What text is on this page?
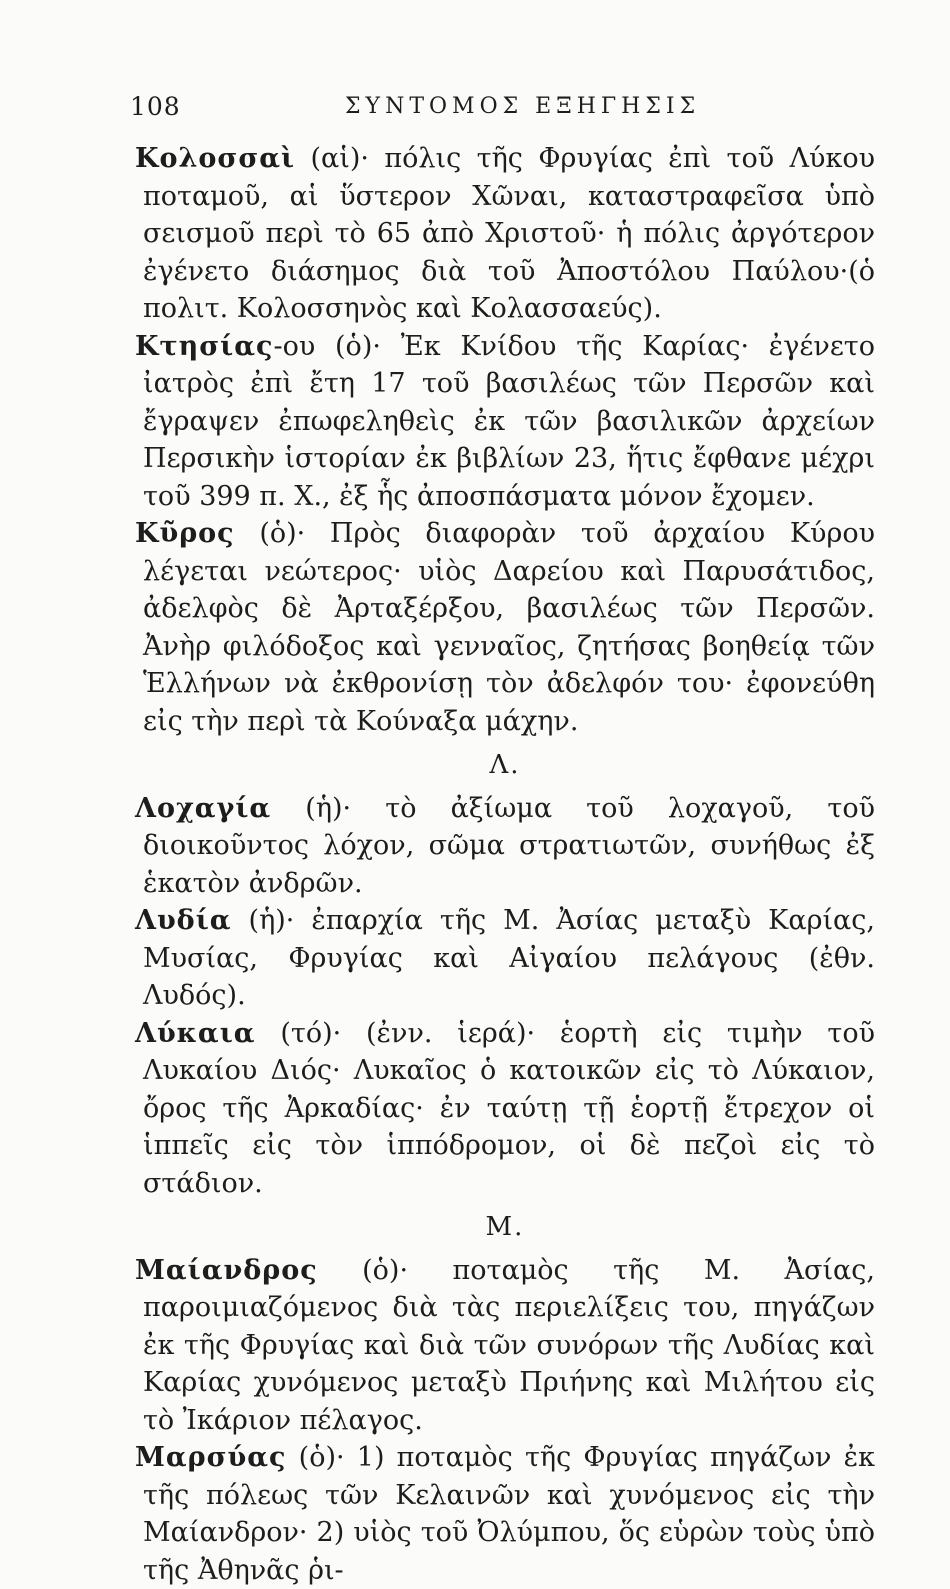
108	ΣΥΝΤΟΜΟΣ ΕΞΗΓΗΣΙΣ

Κολοσσαὶ (αἱ)· πόλις τῆς Φρυγίας ἐπὶ τοῦ Λύκου ποταμοῦ, αἱ ὕστερον Χῶναι, καταστραφεῖσα ὑπὸ σεισμοῦ περὶ τὸ 65 ἀπὸ Χριστοῦ· ἡ πόλις ἀργότερον ἐγένετο διάσημος διὰ τοῦ Ἀποστόλου Παύλου·(ὁ πολιτ. Κολοσσηνὸς καὶ Κολασσαεύς).

Κτησίας-ου (ὁ)· Ἐκ Κνίδου τῆς Καρίας· ἐγένετο ἰατρὸς ἐπὶ ἔτη 17 τοῦ βασιλέως τῶν Περσῶν καὶ ἔγραψεν ἐπωφεληθεὶς ἐκ τῶν βασιλικῶν ἀρχείων Περσικὴν ἱστορίαν ἐκ βιβλίων 23, ἥτις ἔφθανε μέχρι τοῦ 399 π. Χ., ἐξ ἧς ἀποσπάσματα μόνον ἔχομεν.

Κῦρος (ὁ)· Πρὸς διαφορὰν τοῦ ἀρχαίου Κύρου λέγεται νεώτερος· υἱὸς Δαρείου καὶ Παρυσάτιδος, ἀδελφὸς δὲ Ἀρταξέρξου, βασιλέως τῶν Περσῶν. Ἀνὴρ φιλόδοξος καὶ γενναῖος, ζητήσας βοηθείᾳ τῶν Ἑλλήνων νὰ ἐκθρονίσῃ τὸν ἀδελφόν του· ἐφονεύθη εἰς τὴν περὶ τὰ Κούναξα μάχην.

Λ.

Λοχαγία (ἡ)· τὸ ἀξίωμα τοῦ λοχαγοῦ, τοῦ διοικοῦντος λόχον, σῶμα στρατιωτῶν, συνήθως ἐξ ἑκατὸν ἀνδρῶν.

Λυδία (ἡ)· ἐπαρχία τῆς Μ. Ἀσίας μεταξὺ Καρίας, Μυσίας, Φρυγίας καὶ Αἰγαίου πελάγους (ἐθν. Λυδός).

Λύκαια (τό)· (ἐνν. ἱερά)· ἑορτὴ εἰς τιμὴν τοῦ Λυκαίου Διός· Λυκαῖος ὁ κατοικῶν εἰς τὸ Λύκαιον, ὄρος τῆς Ἀρκαδίας· ἐν ταύτῃ τῇ ἑορτῇ ἔτρεχον οἱ ἱππεῖς εἰς τὸν ἱππόδρομον, οἱ δὲ πεζοὶ εἰς τὸ στάδιον.

Μ.

Μαίανδρος (ὁ)· ποταμὸς τῆς Μ. Ἀσίας, παροιμιαζόμενος διὰ τὰς περιελίξεις του, πηγάζων ἐκ τῆς Φρυγίας καὶ διὰ τῶν συνόρων τῆς Λυδίας καὶ Καρίας χυνόμενος μεταξὺ Πριήνης καὶ Μιλήτου εἰς τὸ Ἰκάριον πέλαγος.

Μαρσύας (ὁ)· 1) ποταμὸς τῆς Φρυγίας πηγάζων ἐκ τῆς πόλεως τῶν Κελαινῶν καὶ χυνόμενος εἰς τὴν Μαίανδρον· 2) υἱὸς τοῦ Ὀλύμπου, ὅς εὑρὼν τοὺς ὑπὸ τῆς Ἀθηνᾶς ῥι-
